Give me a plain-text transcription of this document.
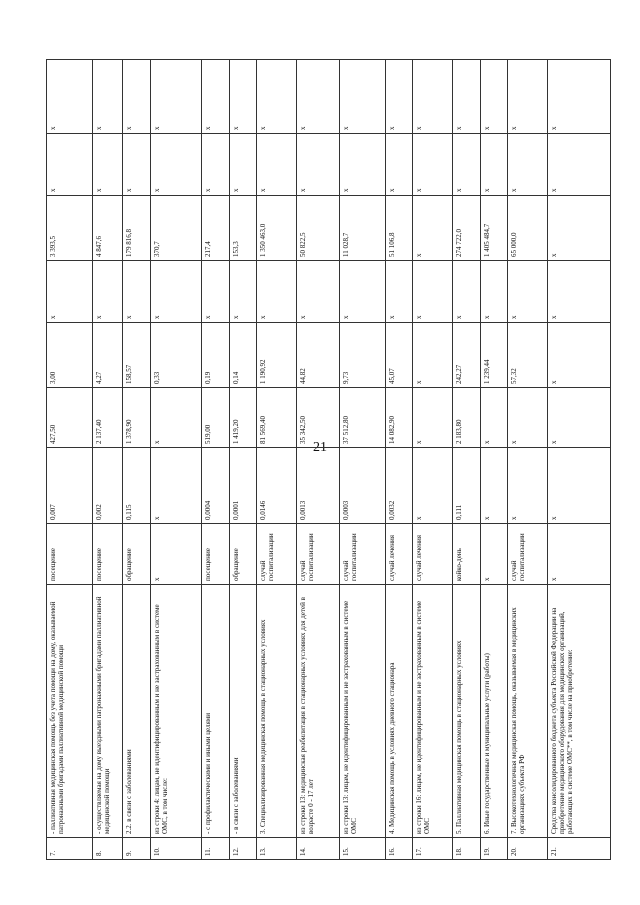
21
7.	- паллиативная медицинская помощь без учета помощи на дому, оказываемой патронажными бригадами паллиативной медицинской помощи	посещение	0,007	427,50	3,00	x	3 393,5	x	x
8.	- осуществляемая на дому выездными патронажными бригадами паллиативной медицинской помощи	посещение	0,002	2 137,40	4,27	x	4 847,6	x	x
9.	2.2. в связи с заболеваниями	обращение	0,115	1 378,90	158,57	x	179 816,8	x	x
10.	из строки 4: лицам, не идентифицированным и не застрахованным в системе ОМС, в том числе:	x	x	x	0,33	x	370,7	x	x
11.	- с профилактическими и иными целями	посещение	0,0004	519,00	0,19	x	217,4	x	x
12.	- в связи с заболеваниями	обращение	0,0001	1 419,20	0,14	x	153,3	x	x
13.	3. Специализированная медицинская помощь в стационарных условиях	случай госпитализации	0,0146	81 569,40	1 190,92	x	1 350 463,0	x	x
14.	из строки 13: медицинская реабилитация в стационарных условиях для детей в возрасте 0 - 17 лет	случай госпитализации	0,0013	35 342,50	44,82	x	50 822,5	x	x
15.	из строки 13: лицам, не идентифицированным и не застрахованным в системе ОМС	случай госпитализации	0,0003	37 512,80	9,73	x	11 028,7	x	x
16.	4. Медицинская помощь в условиях дневного стационара	случай лечения	0,0032	14 082,90	45,07	x	51 106,8	x	x
17.	из строки 16: лицам, не идентифицированным и не застрахованным в системе ОМС	случай лечения	x	x	x	x	x	x	x
18.	5. Паллиативная медицинская помощь в стационарных условиях	койко-день	0,111	2 183,80	242,27	x	274 722,0	x	x
19.	6. Иные государственные и муниципальные услуги (работы)	x	x	x	1 239,44	x	1 405 484,7	x	x
20.	7. Высокотехнологичная медицинская помощь, оказываемая в медицинских организациях субъекта РФ	случай госпитализации	x	x	57,32	x	65 000,0	x	x
21.	Средства консолидированного бюджета субъекта Российской Федерации на приобретение медицинского оборудования для медицинских организаций, работающих в системе ОМС**, в том числе на приобретение:	x	x	x	x	x	x	x	x
